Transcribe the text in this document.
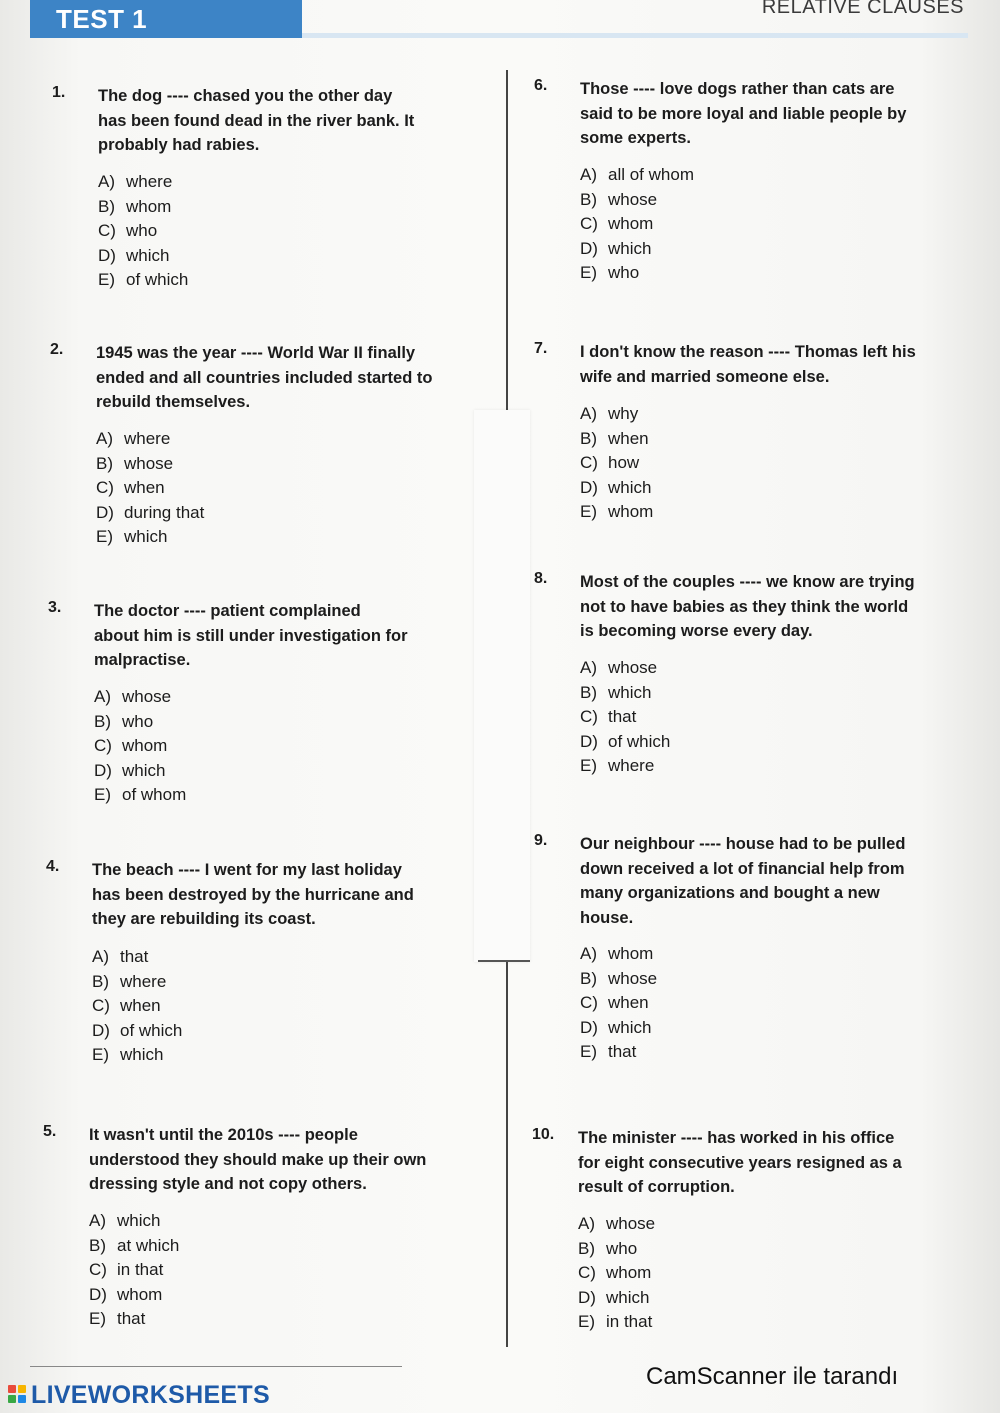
TEST 1	RELATIVE CLAUSES
1.	The dog ---- chased you the other day
has been found dead in the river bank. It
probably had rabies.
A) where
B) whom
C) who
D) which
E) of which
2.	1945 was the year ---- World War II finally
ended and all countries included started to
rebuild themselves.
A) where
B) whose
C) when
D) during that
E) which
3.	The doctor ---- patient complained
about him is still under investigation for
malpractise.
A) whose
B) who
C) whom
D) which
E) of whom
4.	The beach ---- I went for my last holiday
has been destroyed by the hurricane and
they are rebuilding its coast.
A) that
B) where
C) when
D) of which
E) which
5.	It wasn't until the 2010s ---- people
understood they should make up their own
dressing style and not copy others.
A) which
B) at which
C) in that
D) whom
E) that
6.	Those ---- love dogs rather than cats are
said to be more loyal and liable people by
some experts.
A) all of whom
B) whose
C) whom
D) which
E) who
7.	I don't know the reason ---- Thomas left his
wife and married someone else.
A) why
B) when
C) how
D) which
E) whom
8.	Most of the couples ---- we know are trying
not to have babies as they think the world
is becoming worse every day.
A) whose
B) which
C) that
D) of which
E) where
9.	Our neighbour ---- house had to be pulled
down received a lot of financial help from
many organizations and bought a new
house.
A) whom
B) whose
C) when
D) which
E) that
10.	The minister ---- has worked in his office
for eight consecutive years resigned as a
result of corruption.
A) whose
B) who
C) whom
D) which
E) in that
LIVEWORKSHEETS
CamScanner ile tarandı
